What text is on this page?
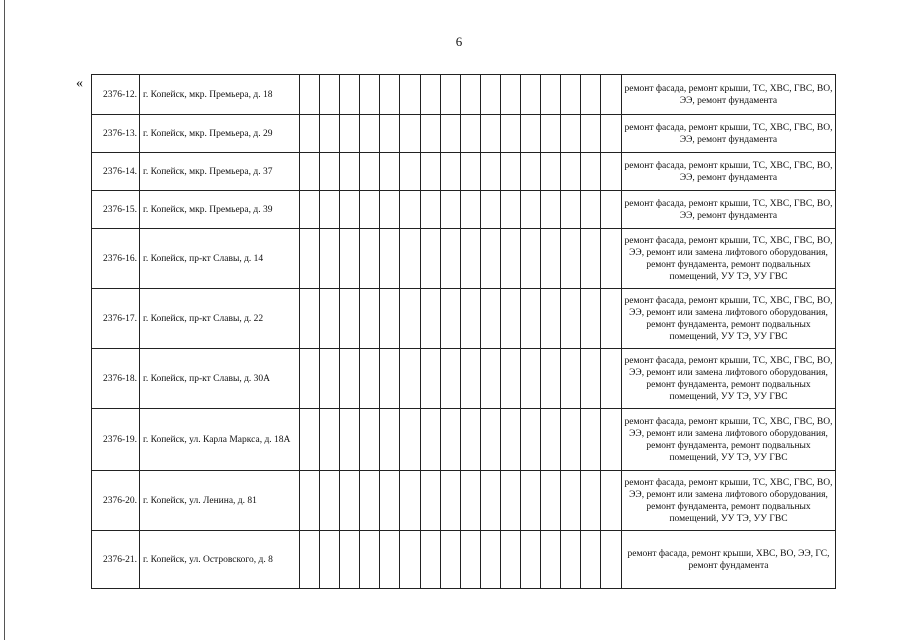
6
«
2376-12.	г. Копейск, мкр. Премьера, д. 18																	ремонт фасада, ремонт крыши, ТС, ХВС, ГВС, ВО, ЭЭ, ремонт фундамента
2376-13.	г. Копейск, мкр. Премьера, д. 29																	ремонт фасада, ремонт крыши, ТС, ХВС, ГВС, ВО, ЭЭ, ремонт фундамента
2376-14.	г. Копейск, мкр. Премьера, д. 37																	ремонт фасада, ремонт крыши, ТС, ХВС, ГВС, ВО, ЭЭ, ремонт фундамента
2376-15.	г. Копейск, мкр. Премьера, д. 39																	ремонт фасада, ремонт крыши, ТС, ХВС, ГВС, ВО, ЭЭ, ремонт фундамента
2376-16.	г. Копейск, пр-кт Славы, д. 14																	ремонт фасада, ремонт крыши, ТС, ХВС, ГВС, ВО, ЭЭ, ремонт или замена лифтового оборудования, ремонт фундамента, ремонт подвальных помещений, УУ ТЭ, УУ ГВС
2376-17.	г. Копейск, пр-кт Славы, д. 22																	ремонт фасада, ремонт крыши, ТС, ХВС, ГВС, ВО, ЭЭ, ремонт или замена лифтового оборудования, ремонт фундамента, ремонт подвальных помещений, УУ ТЭ, УУ ГВС
2376-18.	г. Копейск, пр-кт Славы, д. 30А																	ремонт фасада, ремонт крыши, ТС, ХВС, ГВС, ВО, ЭЭ, ремонт или замена лифтового оборудования, ремонт фундамента, ремонт подвальных помещений, УУ ТЭ, УУ ГВС
2376-19.	г. Копейск, ул. Карла Маркса, д. 18А																	ремонт фасада, ремонт крыши, ТС, ХВС, ГВС, ВО, ЭЭ, ремонт или замена лифтового оборудования, ремонт фундамента, ремонт подвальных помещений, УУ ТЭ, УУ ГВС
2376-20.	г. Копейск, ул. Ленина, д. 81																	ремонт фасада, ремонт крыши, ТС, ХВС, ГВС, ВО, ЭЭ, ремонт или замена лифтового оборудования, ремонт фундамента, ремонт подвальных помещений, УУ ТЭ, УУ ГВС
2376-21.	г. Копейск, ул. Островского, д. 8																	ремонт фасада, ремонт крыши, ХВС, ВО, ЭЭ, ГС, ремонт фундамента
